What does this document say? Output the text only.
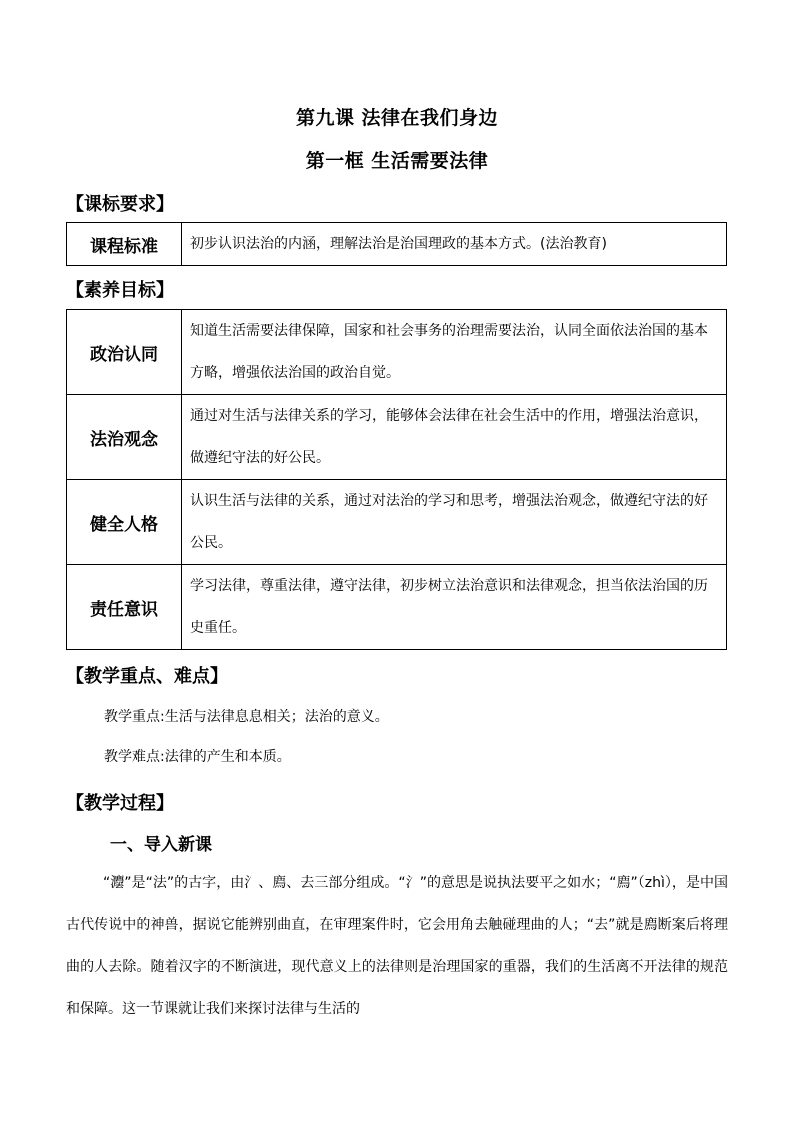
第九课 法律在我们身边
第一框 生活需要法律
【课标要求】
课程标准	初步认识法治的内涵，理解法治是治国理政的基本方式。(法治教育)
【素养目标】
政治认同	知道生活需要法律保障，国家和社会事务的治理需要法治，认同全面依法治国的基本方略，增强依法治国的政治自觉。
法治观念	通过对生活与法律关系的学习，能够体会法律在社会生活中的作用，增强法治意识，做遵纪守法的好公民。
健全人格	认识生活与法律的关系，通过对法治的学习和思考，增强法治观念，做遵纪守法的好公民。
责任意识	学习法律，尊重法律，遵守法律，初步树立法治意识和法律观念，担当依法治国的历史重任。
【教学重点、难点】
教学重点:生活与法律息息相关；法治的意义。
教学难点:法律的产生和本质。
【教学过程】
一、导入新课
“灋”是“法”的古字，由氵、廌、去三部分组成。“氵”的意思是说执法要平之如水；“廌”（zhì），是中国古代传说中的神兽，据说它能辨别曲直，在审理案件时，它会用角去触碰理曲的人；“去”就是廌断案后将理曲的人去除。随着汉字的不断演进，现代意义上的法律则是治理国家的重器，我们的生活离不开法律的规范和保障。这一节课就让我们来探讨法律与生活的
